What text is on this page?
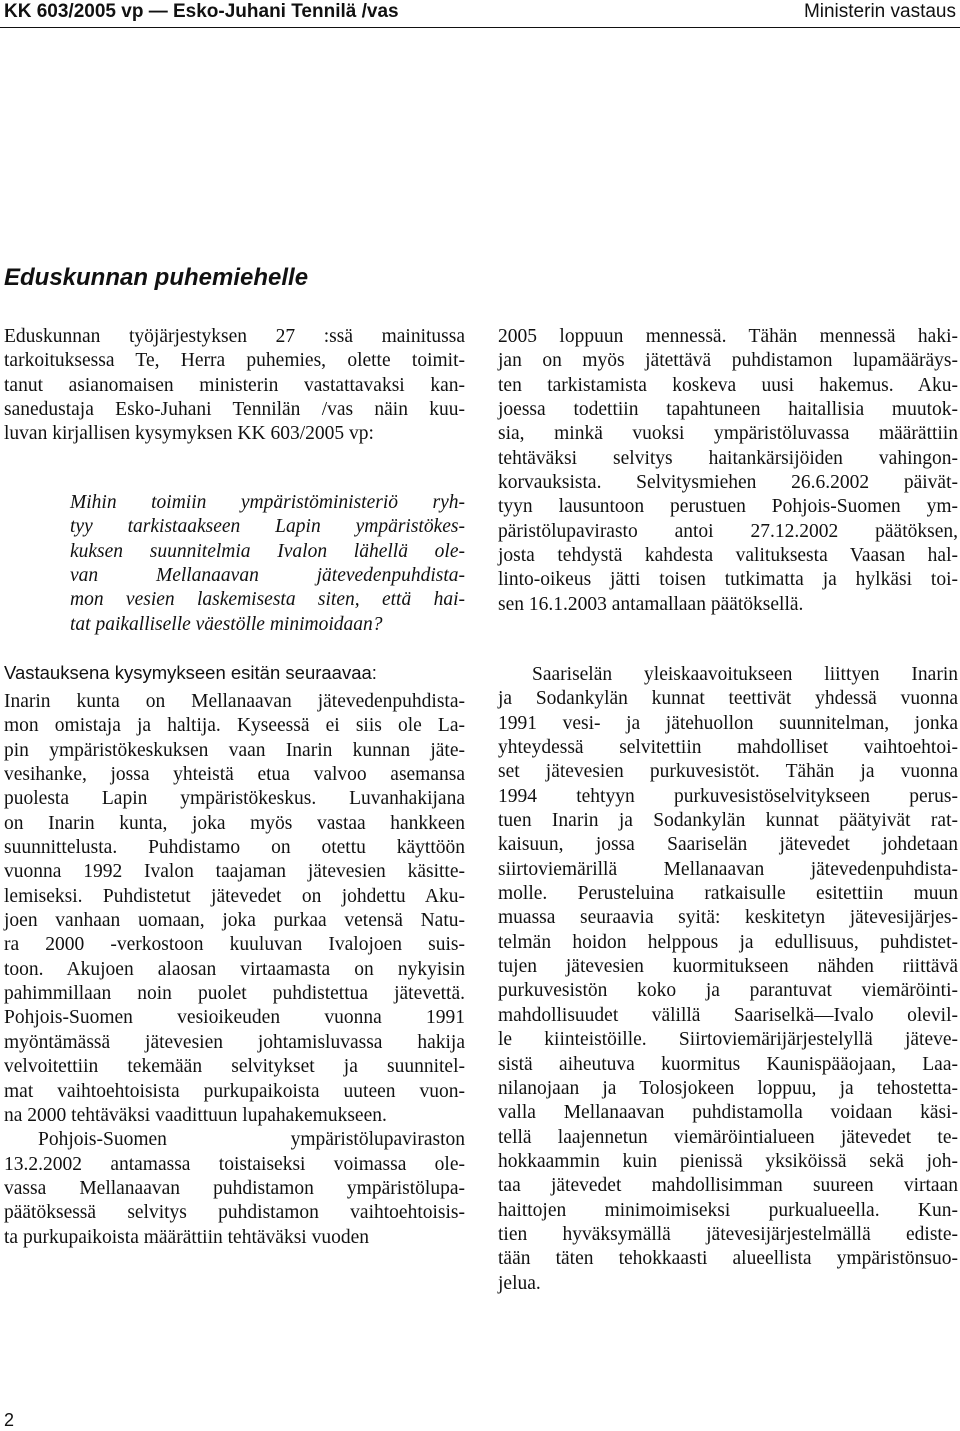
KK 603/2005 vp — Esko-Juhani Tennilä /vas	Ministerin vastaus
Eduskunnan puhemiehelle
Eduskunnan työjärjestyksen 27 :ssä mainitussa
tarkoituksessa Te, Herra puhemies, olette toimit-
tanut asianomaisen ministerin vastattavaksi kan-
sanedustaja Esko-Juhani Tennilän /vas näin kuu-
luvan kirjallisen kysymyksen KK 603/2005 vp:
Mihin toimiin ympäristöministeriö ryh-
tyy tarkistaakseen Lapin ympäristökes-
kuksen suunnitelmia Ivalon lähellä ole-
van Mellanaavan jätevedenpuhdista-
mon vesien laskemisesta siten, että hai-
tat paikalliselle väestölle minimoidaan?
Vastauksena kysymykseen esitän seuraavaa:
Inarin kunta on Mellanaavan jätevedenpuhdista-
mon omistaja ja haltija. Kyseessä ei siis ole La-
pin ympäristökeskuksen vaan Inarin kunnan jäte-
vesihanke, jossa yhteistä etua valvoo asemansa
puolesta Lapin ympäristökeskus. Luvanhakijana
on Inarin kunta, joka myös vastaa hankkeen
suunnittelusta. Puhdistamo on otettu käyttöön
vuonna 1992 Ivalon taajaman jätevesien käsitte-
lemiseksi. Puhdistetut jätevedet on johdettu Aku-
joen vanhaan uomaan, joka purkaa vetensä Natu-
ra 2000 -verkostoon kuuluvan Ivalojoen suis-
toon. Akujoen alaosan virtaamasta on nykyisin
pahimmillaan noin puolet puhdistettua jätevettä.
Pohjois-Suomen vesioikeuden vuonna 1991
myöntämässä jätevesien johtamisluvassa hakija
velvoitettiin tekemään selvitykset ja suunnitel-
mat vaihtoehtoisista purkupaikoista uuteen vuon-
na 2000 tehtäväksi vaadittuun lupahakemukseen.
Pohjois-Suomen ympäristölupaviraston
13.2.2002 antamassa toistaiseksi voimassa ole-
vassa Mellanaavan puhdistamon ympäristölupa-
päätöksessä selvitys puhdistamon vaihtoehtoisis-
ta purkupaikoista määrättiin tehtäväksi vuoden
2005 loppuun mennessä. Tähän mennessä haki-
jan on myös jätettävä puhdistamon lupamääräys-
ten tarkistamista koskeva uusi hakemus. Aku-
joessa todettiin tapahtuneen haitallisia muutok-
sia, minkä vuoksi ympäristöluvassa määrättiin
tehtäväksi selvitys haitankärsijöiden vahingon-
korvauksista. Selvitysmiehen 26.6.2002 päivät-
tyyn lausuntoon perustuen Pohjois-Suomen ym-
päristölupavirasto antoi 27.12.2002 päätöksen,
josta tehdystä kahdesta valituksesta Vaasan hal-
linto-oikeus jätti toisen tutkimatta ja hylkäsi toi-
sen 16.1.2003 antamallaan päätöksellä.
Saariselän yleiskaavoitukseen liittyen Inarin
ja Sodankylän kunnat teettivät yhdessä vuonna
1991 vesi- ja jätehuollon suunnitelman, jonka
yhteydessä selvitettiin mahdolliset vaihtoehtoi-
set jätevesien purkuvesistöt. Tähän ja vuonna
1994 tehtyyn purkuvesistöselvitykseen perus-
tuen Inarin ja Sodankylän kunnat päätyivät rat-
kaisuun, jossa Saariselän jätevedet johdetaan
siirtoviemärillä Mellanaavan jätevedenpuhdista-
molle. Perusteluina ratkaisulle esitettiin muun
muassa seuraavia syitä: keskitetyn jätevesijärjes-
telmän hoidon helppous ja edullisuus, puhdistet-
tujen jätevesien kuormitukseen nähden riittävä
purkuvesistön koko ja parantuvat viemäröinti-
mahdollisuudet välillä Saariselkä—Ivalo olevil-
le kiinteistöille. Siirtoviemärijärjestelyllä jäteve-
sistä aiheutuva kuormitus Kaunispääojaan, Laa-
nilanojaan ja Tolosjokeen loppuu, ja tehostetta-
valla Mellanaavan puhdistamolla voidaan käsi-
tellä laajennetun viemäröintialueen jätevedet te-
hokkaammin kuin pienissä yksiköissä sekä joh-
taa jätevedet mahdollisimman suureen virtaan
haittojen minimoimiseksi purkualueella. Kun-
tien hyväksymällä jätevesijärjestelmällä ediste-
tään täten tehokkaasti alueellista ympäristönsuo-
jelua.
2
